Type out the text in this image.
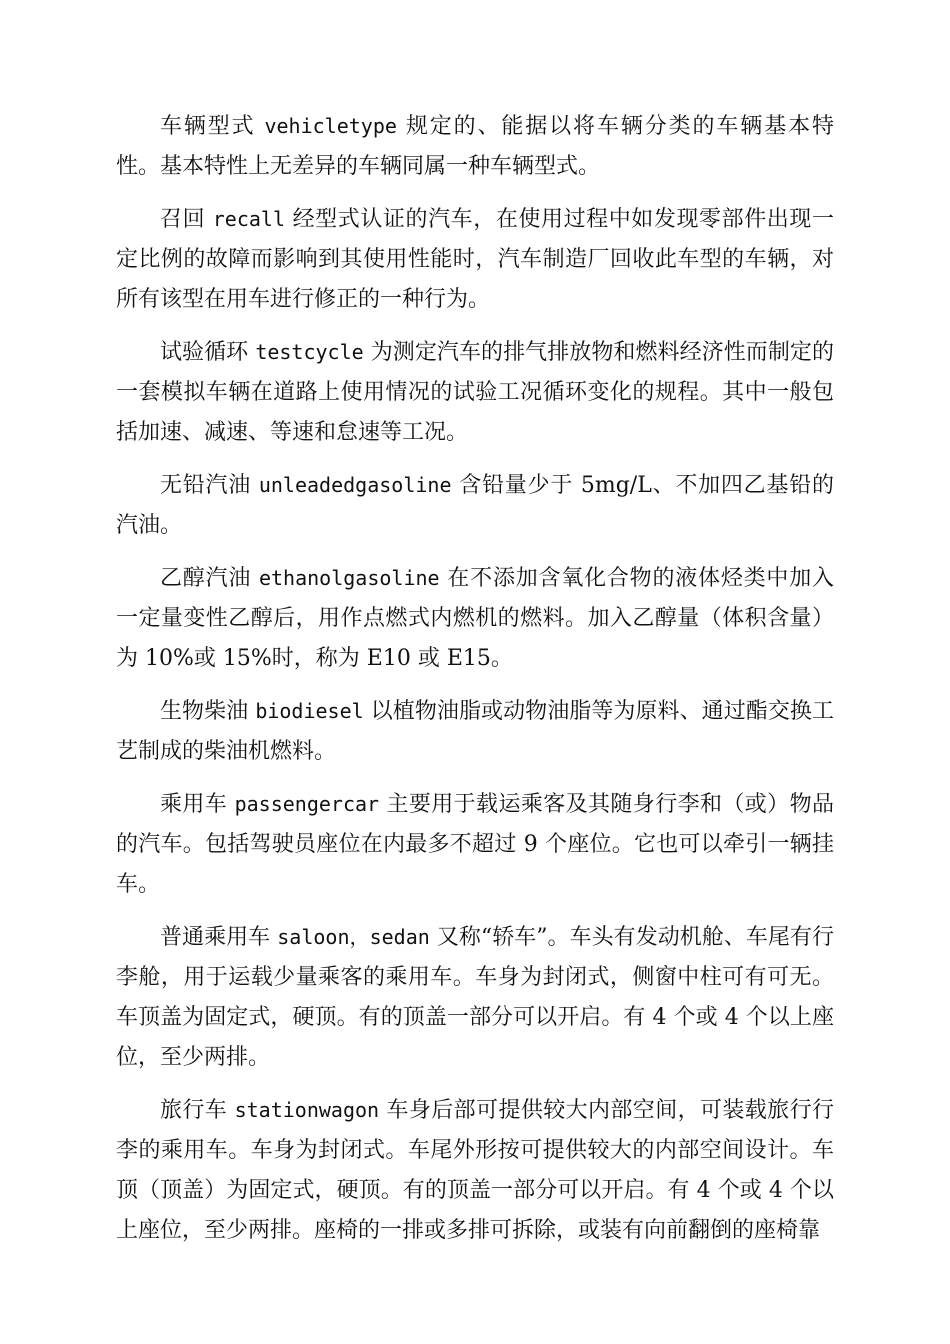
车辆型式 vehicletype 规定的、能据以将车辆分类的车辆基本特性。基本特性上无差异的车辆同属一种车辆型式。

召回 recall 经型式认证的汽车，在使用过程中如发现零部件出现一定比例的故障而影响到其使用性能时，汽车制造厂回收此车型的车辆，对所有该型在用车进行修正的一种行为。

试验循环 testcycle 为测定汽车的排气排放物和燃料经济性而制定的一套模拟车辆在道路上使用情况的试验工况循环变化的规程。其中一般包括加速、减速、等速和怠速等工况。

无铅汽油 unleadedgasoline 含铅量少于 5mg/L、不加四乙基铅的汽油。

乙醇汽油 ethanolgasoline 在不添加含氧化合物的液体烃类中加入一定量变性乙醇后，用作点燃式内燃机的燃料。加入乙醇量（体积含量）为 10%或 15%时，称为 E10 或 E15。

生物柴油 biodiesel 以植物油脂或动物油脂等为原料、通过酯交换工艺制成的柴油机燃料。

乘用车 passengercar 主要用于载运乘客及其随身行李和（或）物品的汽车。包括驾驶员座位在内最多不超过 9 个座位。它也可以牵引一辆挂车。

普通乘用车 saloon，sedan 又称“轿车”。车头有发动机舱、车尾有行李舱，用于运载少量乘客的乘用车。车身为封闭式，侧窗中柱可有可无。车顶盖为固定式，硬顶。有的顶盖一部分可以开启。有 4 个或 4 个以上座位，至少两排。

旅行车 stationwagon 车身后部可提供较大内部空间，可装载旅行行李的乘用车。车身为封闭式。车尾外形按可提供较大的内部空间设计。车顶（顶盖）为固定式，硬顶。有的顶盖一部分可以开启。有 4 个或 4 个以上座位，至少两排。座椅的一排或多排可拆除，或装有向前翻倒的座椅靠
